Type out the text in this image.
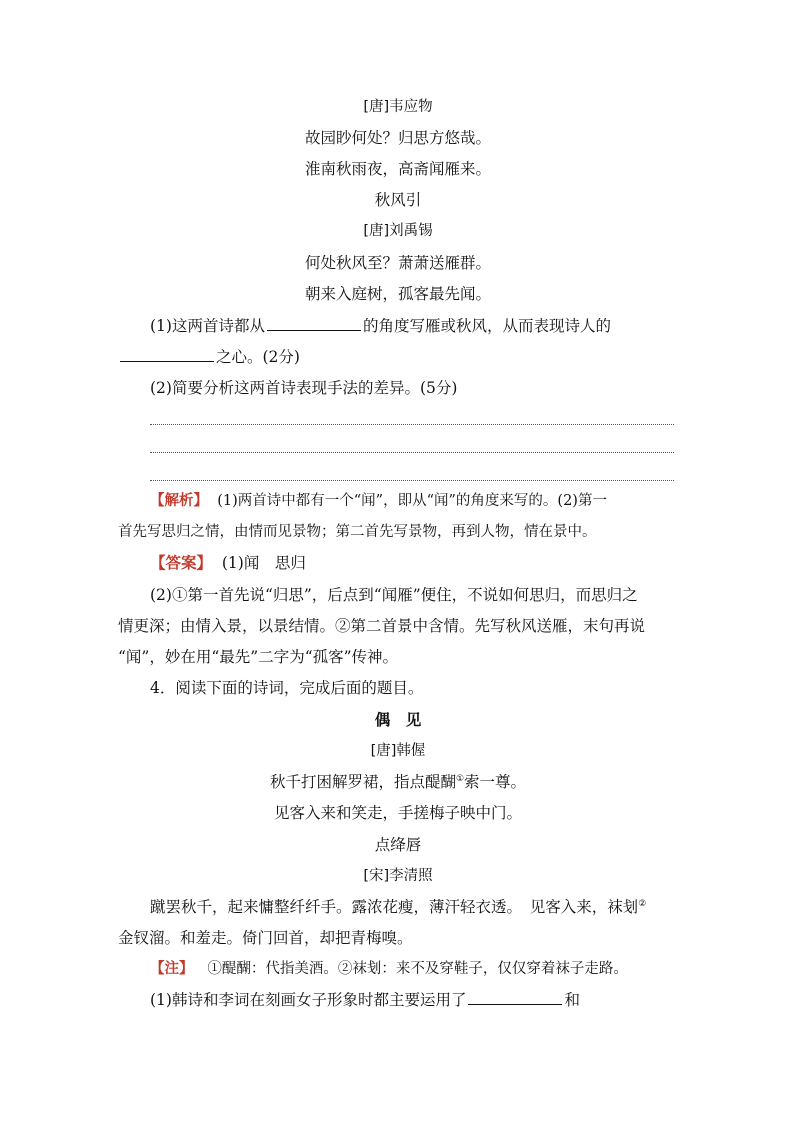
[唐]韦应物
故园眇何处？归思方悠哉。
淮南秋雨夜，高斋闻雁来。
秋风引
[唐]刘禹锡
何处秋风至？萧萧送雁群。
朝来入庭树，孤客最先闻。
(1)这两首诗都从	的角度写雁或秋风，从而表现诗人的
之心。(2分)
(2)简要分析这两首诗表现手法的差异。(5分)
【解析】 (1)两首诗中都有一个“闻”，即从“闻”的角度来写的。(2)第一
首先写思归之情，由情而见景物；第二首先写景物，再到人物，情在景中。
【答案】 (1)闻　思归
(2)①第一首先说“归思”，后点到“闻雁”便住，不说如何思归，而思归之
情更深；由情入景，以景结情。②第二首景中含情。先写秋风送雁，末句再说
“闻”，妙在用“最先”二字为“孤客”传神。
4．阅读下面的诗词，完成后面的题目。
偶　见
[唐]韩偓
秋千打困解罗裙，指点醍醐①索一尊。
见客入来和笑走，手搓梅子映中门。
点绛唇
[宋]李清照
蹴罢秋千，起来慵整纤纤手。露浓花瘦，薄汗轻衣透。　见客入来，袜刬②
金钗溜。和羞走。倚门回首，却把青梅嗅。
【注】 ①醍醐：代指美酒。②袜刬：来不及穿鞋子，仅仅穿着袜子走路。
(1)韩诗和李词在刻画女子形象时都主要运用了	和
